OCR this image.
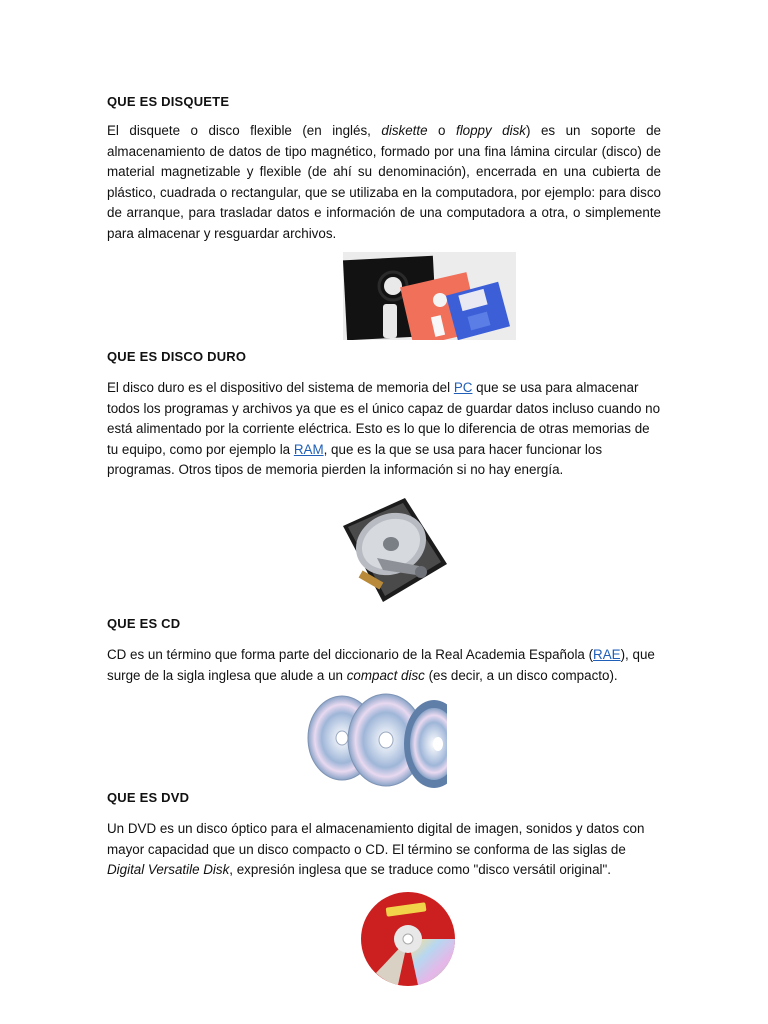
QUE ES DISQUETE

El disquete o disco flexible (en inglés, diskette o floppy disk) es un soporte de almacenamiento de datos de tipo magnético, formado por una fina lámina circular (disco) de material magnetizable y flexible (de ahí su denominación), encerrada en una cubierta de plástico, cuadrada o rectangular, que se utilizaba en la computadora, por ejemplo: para disco de arranque, para trasladar datos e información de una computadora a otra, o simplemente para almacenar y resguardar archivos.

QUE ES DISCO DURO

El disco duro es el dispositivo del sistema de memoria del PC que se usa para almacenar todos los programas y archivos ya que es el único capaz de guardar datos incluso cuando no está alimentado por la corriente eléctrica. Esto es lo que lo diferencia de otras memorias de tu equipo, como por ejemplo la RAM, que es la que se usa para hacer funcionar los programas. Otros tipos de memoria pierden la información si no hay energía.

QUE ES CD

CD es un término que forma parte del diccionario de la Real Academia Española (RAE), que surge de la sigla inglesa que alude a un compact disc (es decir, a un disco compacto).

QUE ES DVD

Un DVD es un disco óptico para el almacenamiento digital de imagen, sonidos y datos con mayor capacidad que un disco compacto o CD. El término se conforma de las siglas de Digital Versatile Disk, expresión inglesa que se traduce como "disco versátil original".
